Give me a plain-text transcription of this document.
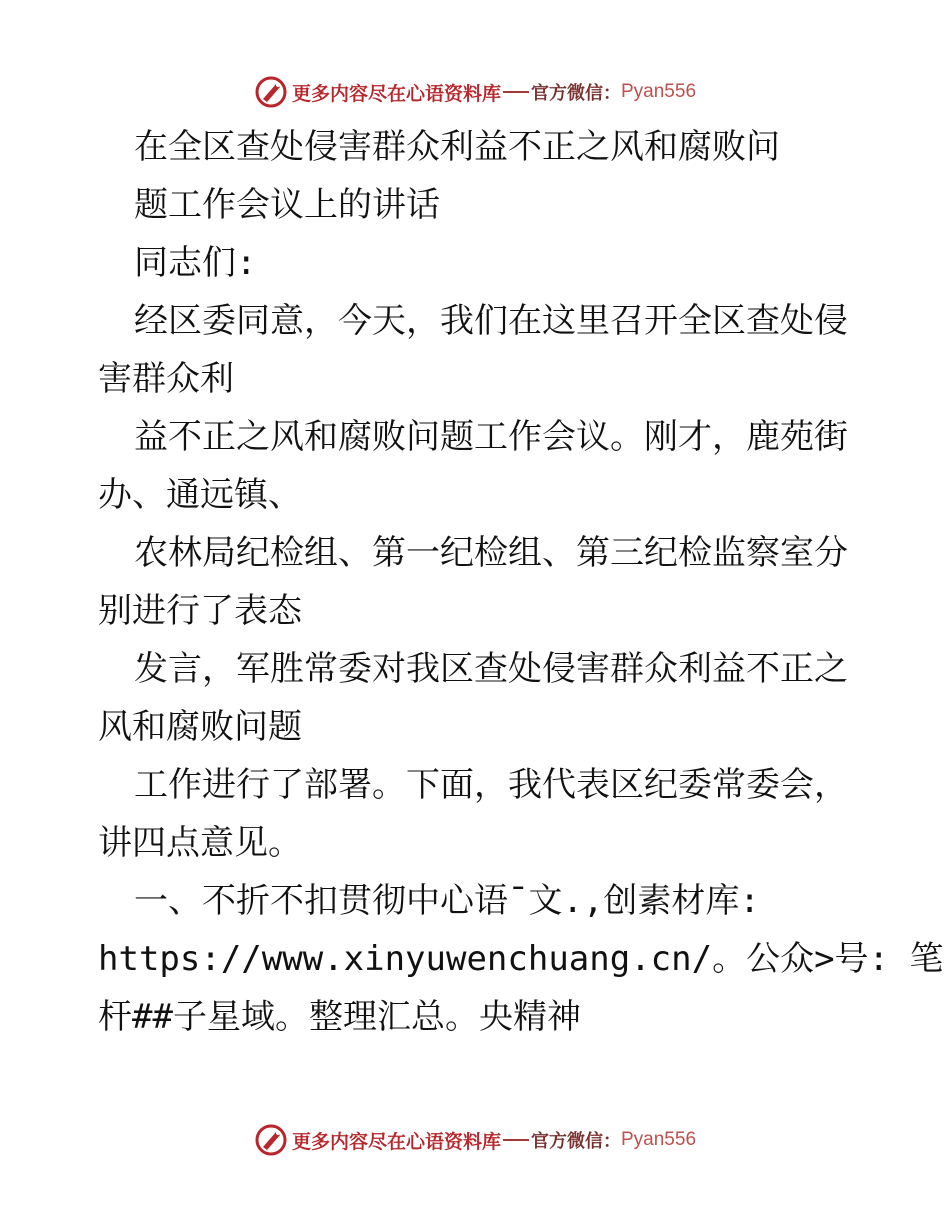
更多内容尽在心语资料库 官方微信： Pyan556
在全区查处侵害群众利益不正之风和腐败问
题工作会议上的讲话
同志们:
经区委同意，今天，我们在这里召开全区查处侵
害群众利
益不正之风和腐败问题工作会议。刚才，鹿苑街
办、通远镇、
农林局纪检组、第一纪检组、第三纪检监察室分
别进行了表态
发言，军胜常委对我区查处侵害群众利益不正之
风和腐败问题
工作进行了部署。下面，我代表区纪委常委会，
讲四点意见。
一、不折不扣贯彻中心语¯文.,创素材库:
https://www.xinyuwenchuang.cn/。公众>号: 笔
杆##子星域。整理汇总。央精神
更多内容尽在心语资料库 官方微信： Pyan556
